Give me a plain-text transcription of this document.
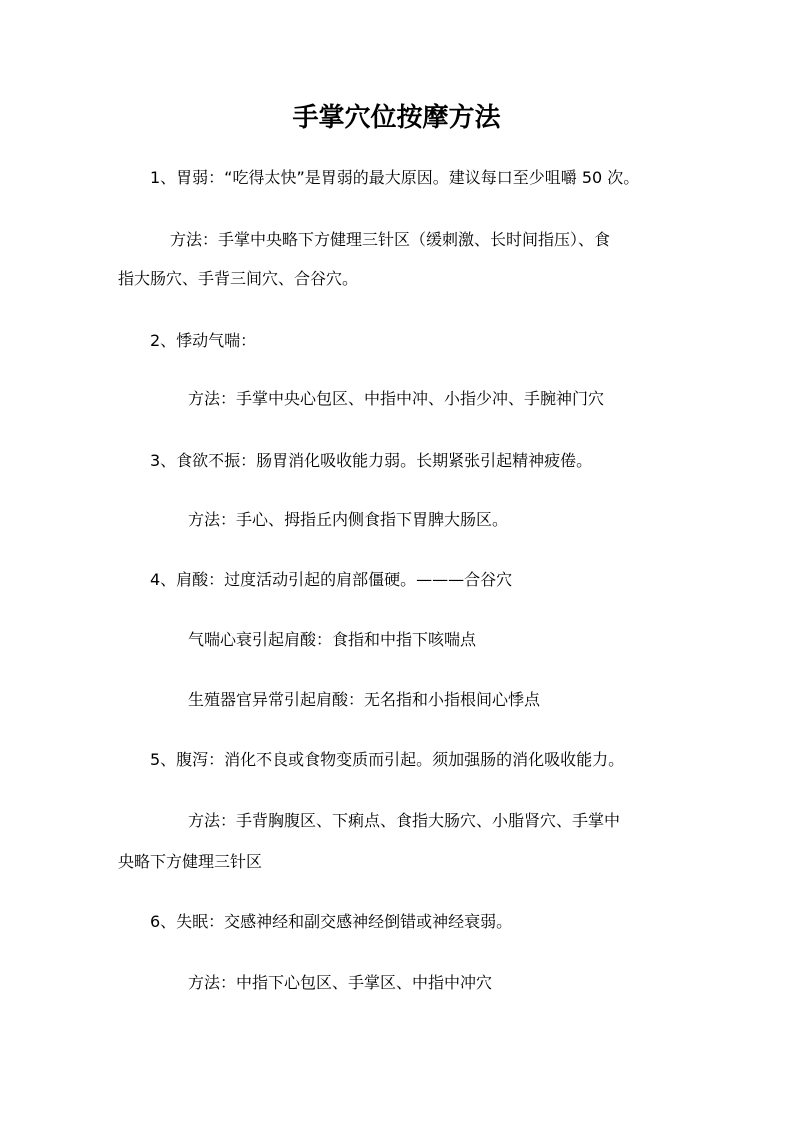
手掌穴位按摩方法
1、胃弱：“吃得太快”是胃弱的最大原因。建议每口至少咀嚼 50 次。
方法：手掌中央略下方健理三针区（缓刺激、长时间指压）、食
指大肠穴、手背三间穴、合谷穴。
2、悸动气喘：
方法：手掌中央心包区、中指中冲、小指少冲、手腕神门穴
3、食欲不振：肠胃消化吸收能力弱。长期紧张引起精神疲倦。
方法：手心、拇指丘内侧食指下胃脾大肠区。
4、肩酸：过度活动引起的肩部僵硬。———合谷穴
气喘心衰引起肩酸：食指和中指下咳喘点
生殖器官异常引起肩酸：无名指和小指根间心悸点
5、腹泻：消化不良或食物变质而引起。须加强肠的消化吸收能力。
方法：手背胸腹区、下痢点、食指大肠穴、小脂肾穴、手掌中
央略下方健理三针区
6、失眠：交感神经和副交感神经倒错或神经衰弱。
方法：中指下心包区、手掌区、中指中冲穴
